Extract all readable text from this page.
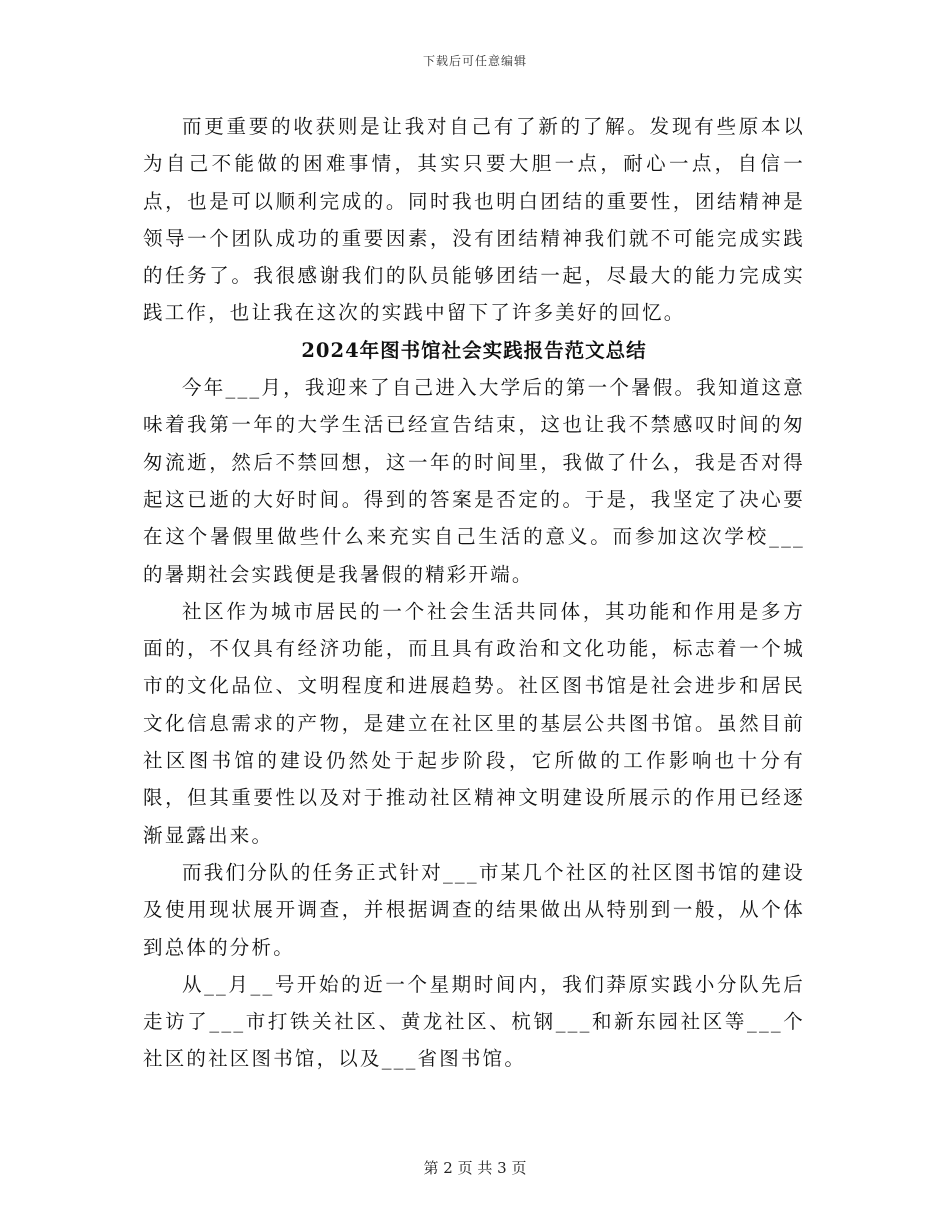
下载后可任意编辑

而更重要的收获则是让我对自己有了新的了解。发现有些原本以为自己不能做的困难事情，其实只要大胆一点，耐心一点，自信一点，也是可以顺利完成的。同时我也明白团结的重要性，团结精神是领导一个团队成功的重要因素，没有团结精神我们就不可能完成实践的任务了。我很感谢我们的队员能够团结一起，尽最大的能力完成实践工作，也让我在这次的实践中留下了许多美好的回忆。

2024年图书馆社会实践报告范文总结

今年___月，我迎来了自己进入大学后的第一个暑假。我知道这意味着我第一年的大学生活已经宣告结束，这也让我不禁感叹时间的匆匆流逝，然后不禁回想，这一年的时间里，我做了什么，我是否对得起这已逝的大好时间。得到的答案是否定的。于是，我坚定了决心要在这个暑假里做些什么来充实自己生活的意义。而参加这次学校___的暑期社会实践便是我暑假的精彩开端。

社区作为城市居民的一个社会生活共同体，其功能和作用是多方面的，不仅具有经济功能，而且具有政治和文化功能，标志着一个城市的文化品位、文明程度和进展趋势。社区图书馆是社会进步和居民文化信息需求的产物，是建立在社区里的基层公共图书馆。虽然目前社区图书馆的建设仍然处于起步阶段，它所做的工作影响也十分有限，但其重要性以及对于推动社区精神文明建设所展示的作用已经逐渐显露出来。

而我们分队的任务正式针对___市某几个社区的社区图书馆的建设及使用现状展开调查，并根据调查的结果做出从特别到一般，从个体到总体的分析。

从__月__号开始的近一个星期时间内，我们莽原实践小分队先后走访了___市打铁关社区、黄龙社区、杭钢___和新东园社区等___个社区的社区图书馆，以及___省图书馆。

第 2 页 共 3 页
